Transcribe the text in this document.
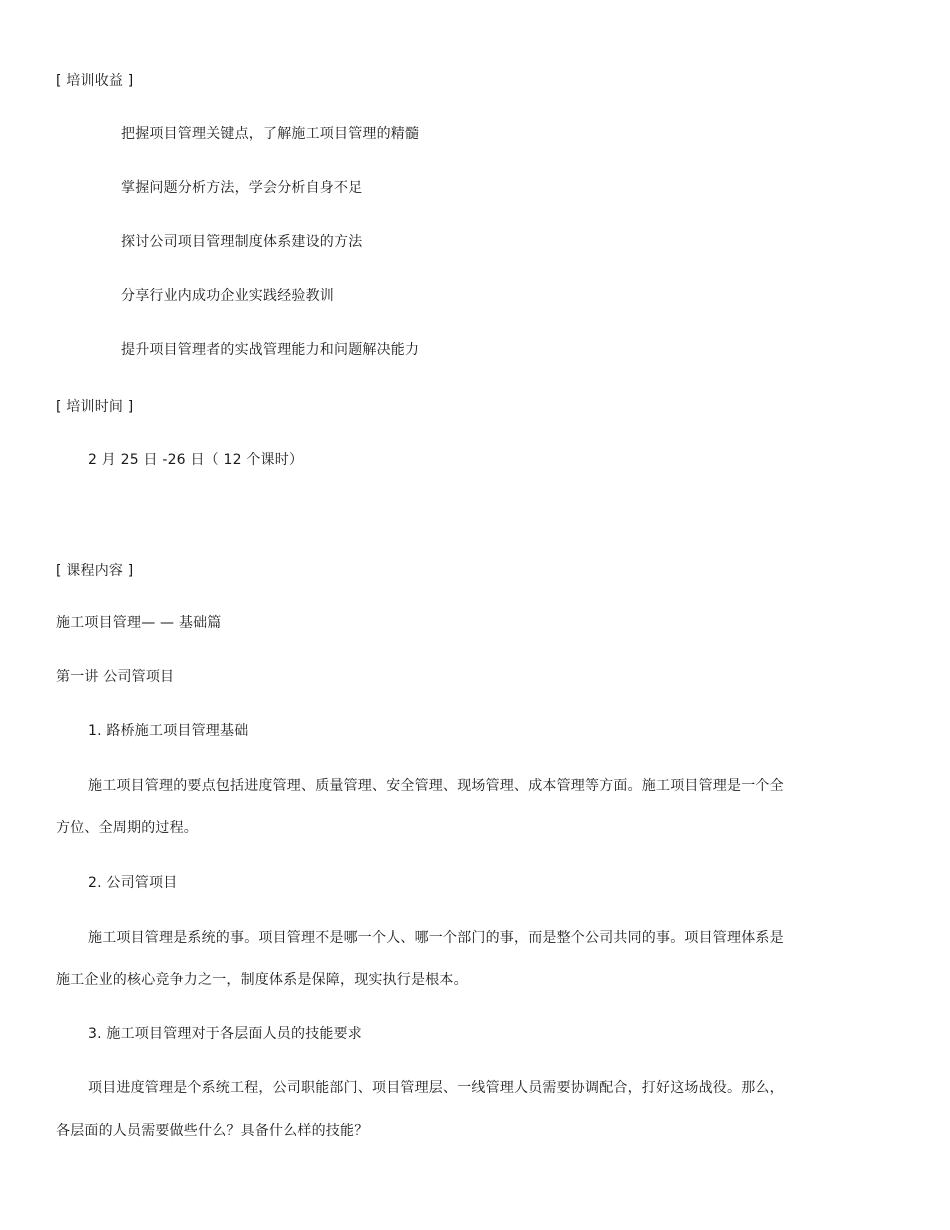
[ 培训收益 ]
把握项目管理关键点，了解施工项目管理的精髓
掌握问题分析方法，学会分析自身不足
探讨公司项目管理制度体系建设的方法
分享行业内成功企业实践经验教训
提升项目管理者的实战管理能力和问题解决能力
[ 培训时间 ]
2 月 25 日 -26 日（ 12 个课时）
[ 课程内容 ]
施工项目管理— — 基础篇
第一讲 公司管项目
1. 路桥施工项目管理基础
施工项目管理的要点包括进度管理、质量管理、安全管理、现场管理、成本管理等方面。施工项目管理是一个全
方位、全周期的过程。
2. 公司管项目
施工项目管理是系统的事。项目管理不是哪一个人、哪一个部门的事，而是整个公司共同的事。项目管理体系是
施工企业的核心竞争力之一，制度体系是保障，现实执行是根本。
3. 施工项目管理对于各层面人员的技能要求
项目进度管理是个系统工程，公司职能部门、项目管理层、一线管理人员需要协调配合，打好这场战役。那么，
各层面的人员需要做些什么？具备什么样的技能？
